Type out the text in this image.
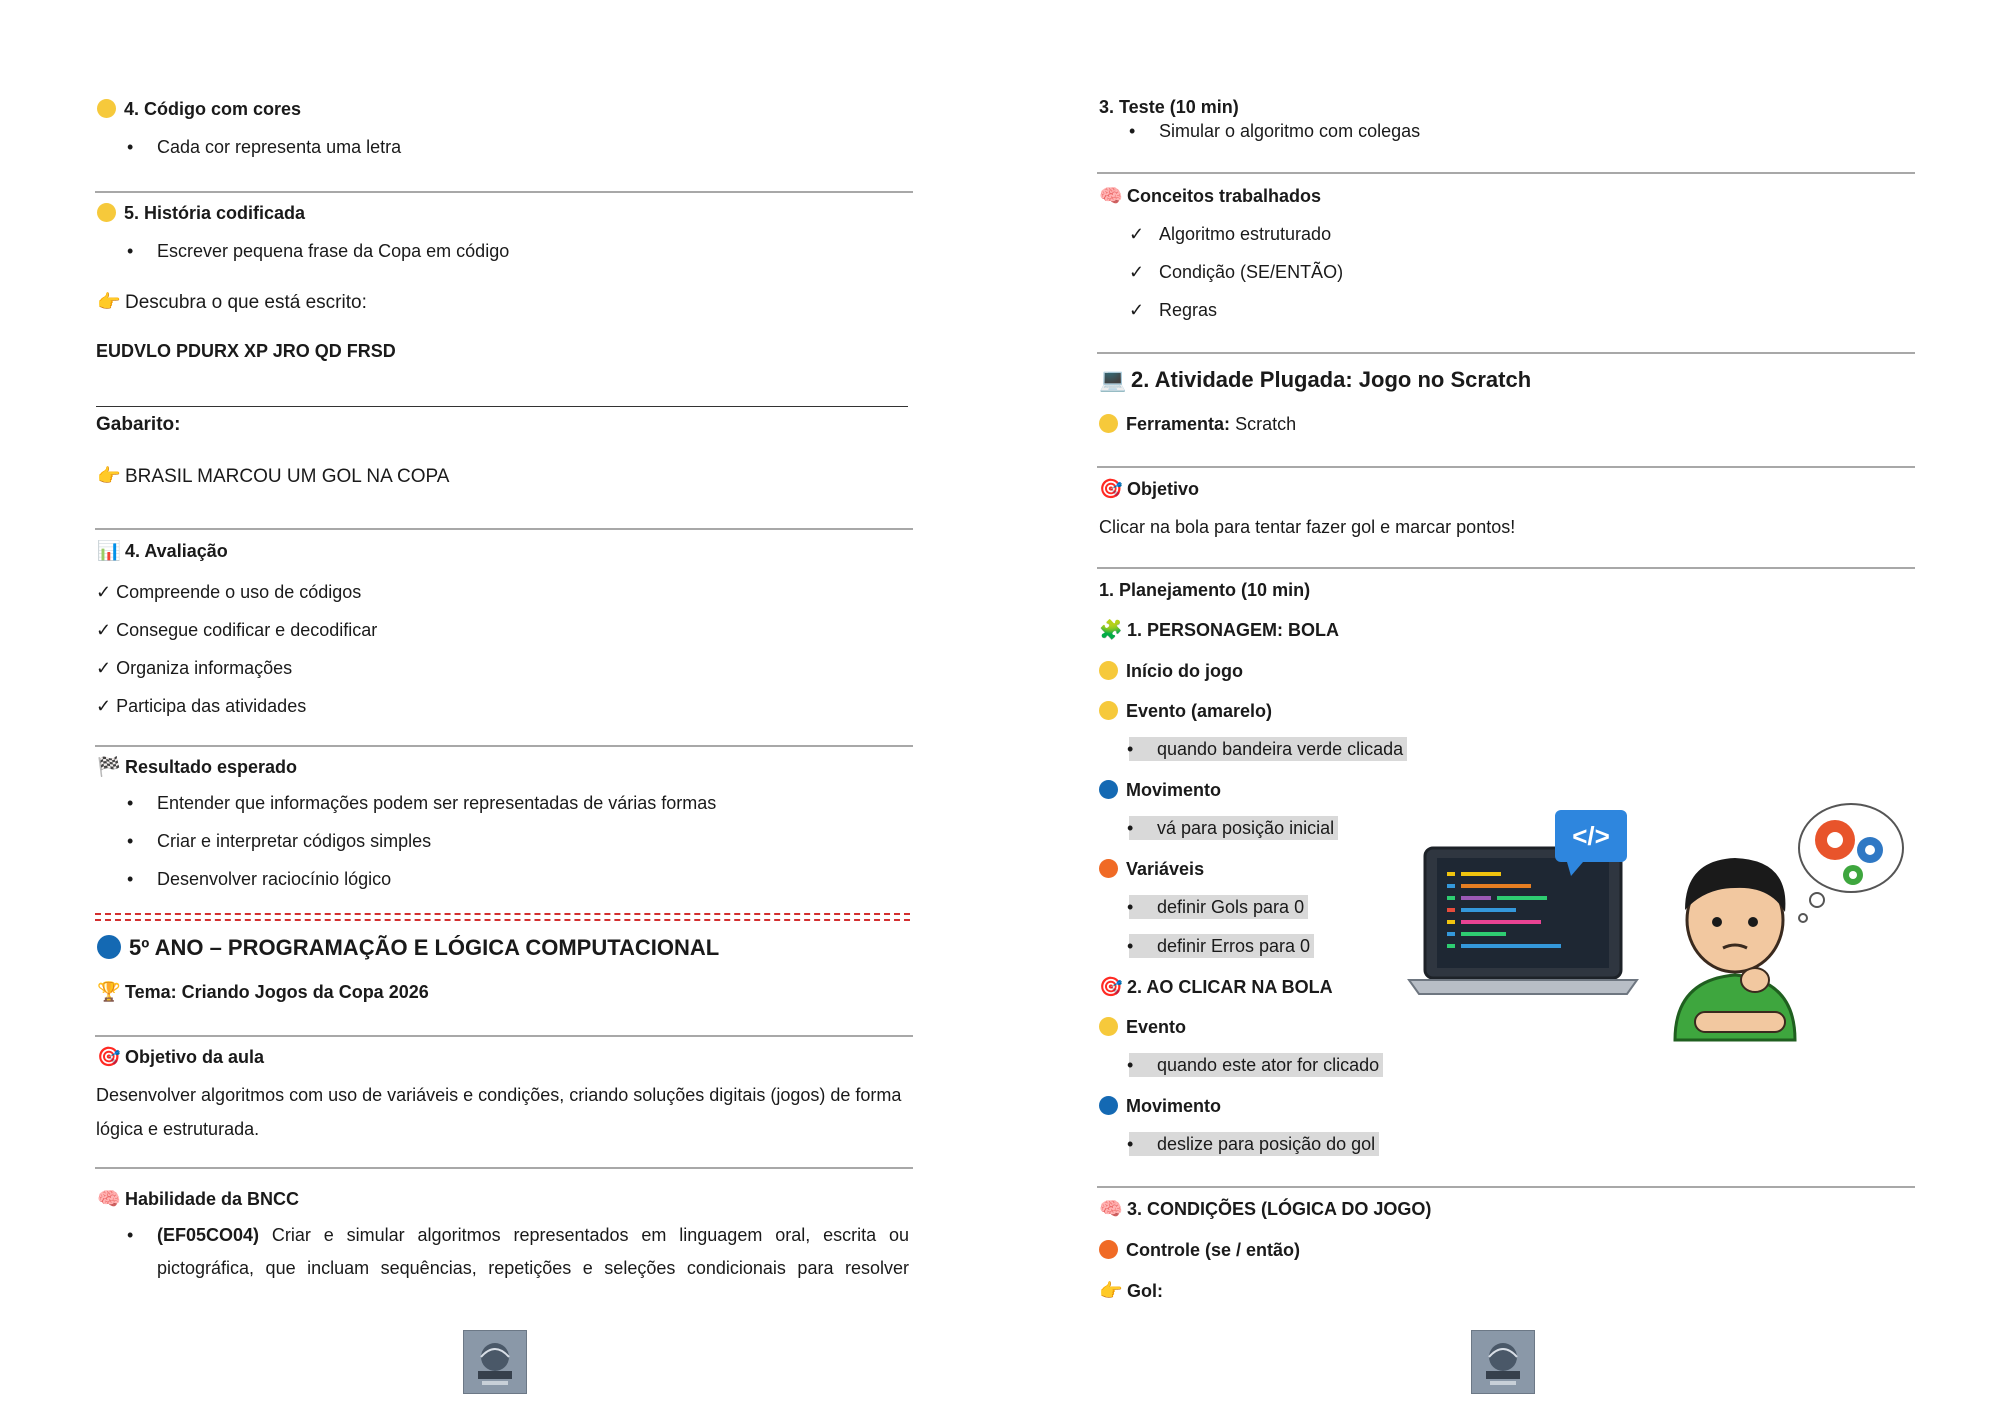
4. Código com cores
• Cada cor representa uma letra
5. História codificada
• Escrever pequena frase da Copa em código
👉 Descubra o que está escrito:
EUDVLO PDURX XP JRO QD FRSD
Gabarito:
👉 BRASIL MARCOU UM GOL NA COPA
📊 4. Avaliação
✓ Compreende o uso de códigos
✓ Consegue codificar e decodificar
✓ Organiza informações
✓ Participa das atividades
🏁 Resultado esperado
• Entender que informações podem ser representadas de várias formas
• Criar e interpretar códigos simples
• Desenvolver raciocínio lógico
5º ANO – PROGRAMAÇÃO E LÓGICA COMPUTACIONAL
🏆 Tema: Criando Jogos da Copa 2026
🎯 Objetivo da aula
Desenvolver algoritmos com uso de variáveis e condições, criando soluções digitais (jogos) de forma
lógica e estruturada.
🧠 Habilidade da BNCC
• (EF05CO04) Criar e simular algoritmos representados em linguagem oral, escrita ou
pictográfica, que incluam sequências, repetições e seleções condicionais para resolver
3. Teste (10 min)
• Simular o algoritmo com colegas
🧠 Conceitos trabalhados
✓ Algoritmo estruturado
✓ Condição (SE/ENTÃO)
✓ Regras
💻 2. Atividade Plugada: Jogo no Scratch
Ferramenta: Scratch
🎯 Objetivo
Clicar na bola para tentar fazer gol e marcar pontos!
1. Planejamento (10 min)
🧩 1. PERSONAGEM: BOLA
Início do jogo
Evento (amarelo)
• quando bandeira verde clicada
Movimento
• vá para posição inicial
Variáveis
• definir Gols para 0
• definir Erros para 0
🎯 2. AO CLICAR NA BOLA
Evento
• quando este ator for clicado
Movimento
• deslize para posição do gol
🧠 3. CONDIÇÕES (LÓGICA DO JOGO)
Controle (se / então)
👉 Gol:
</>
